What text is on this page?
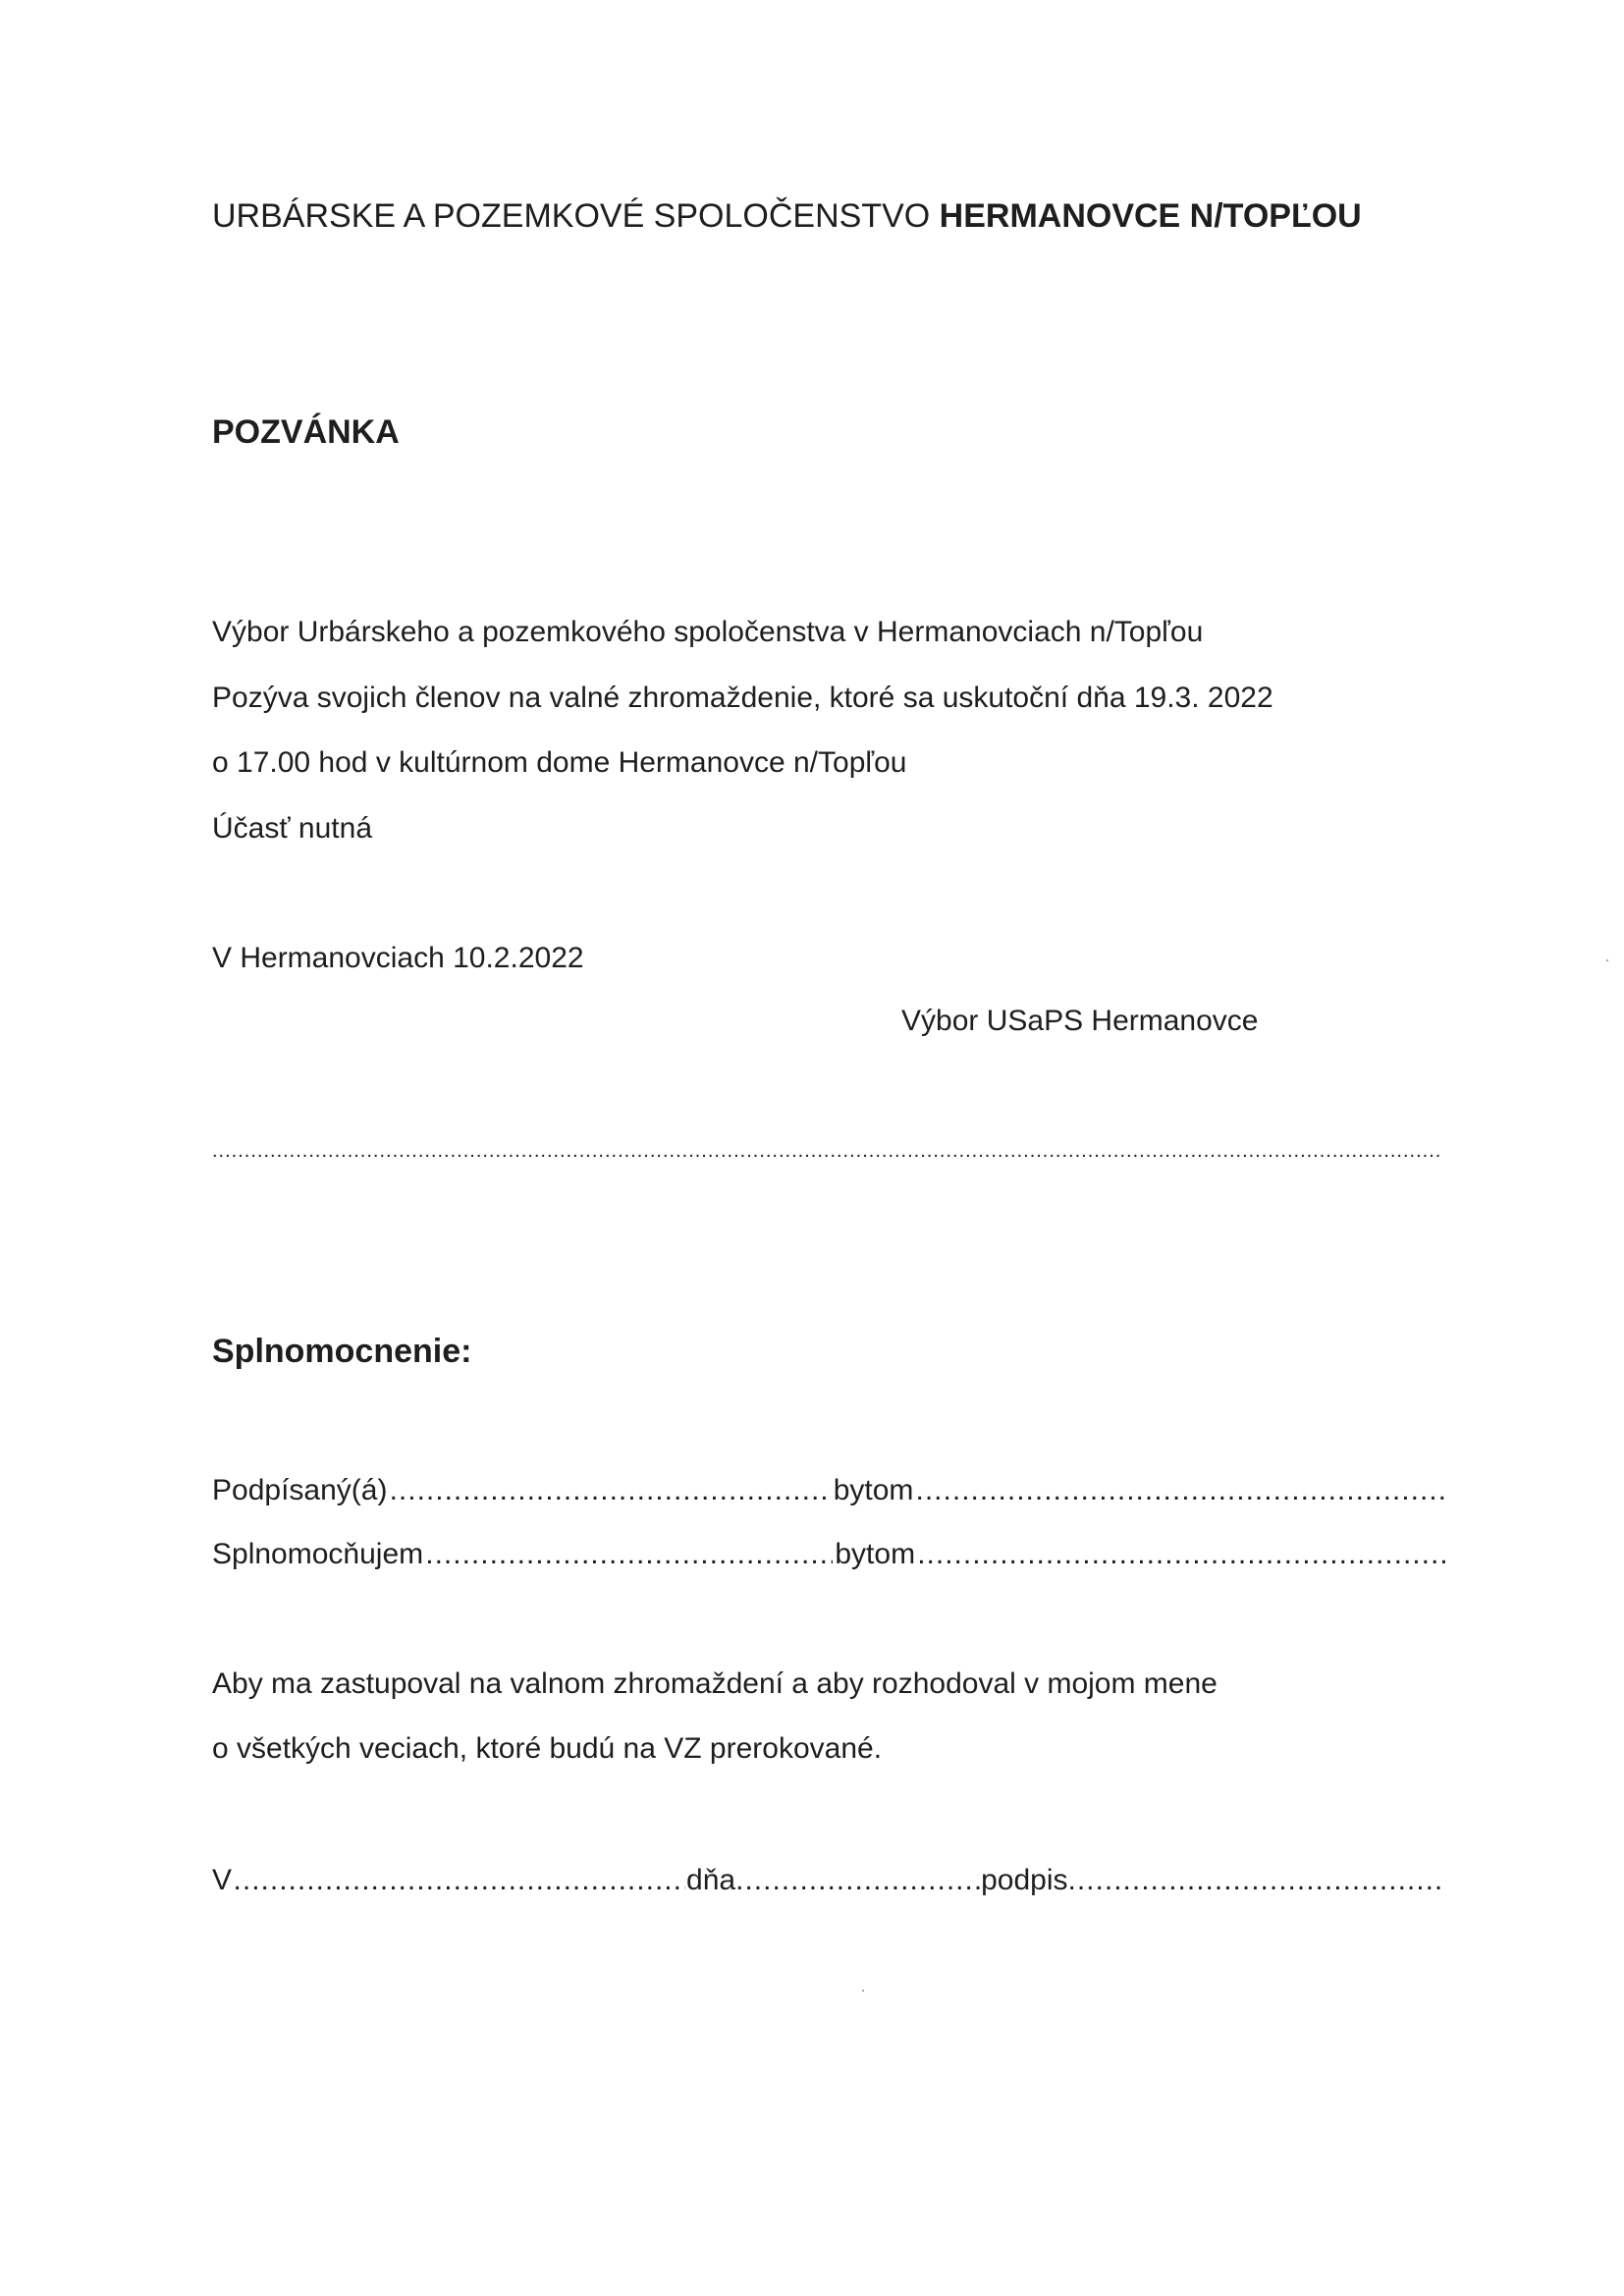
URBÁRSKE A POZEMKOVÉ SPOLOČENSTVO HERMANOVCE N/TOPĽOU
POZVÁNKA
Výbor Urbárskeho a pozemkového spoločenstva v Hermanovciach n/Topľou
Pozýva svojich členov na valné zhromaždenie, ktoré sa uskutoční dňa 19.3. 2022
o 17.00 hod v kultúrnom dome Hermanovce n/Topľou
Účasť nutná
V Hermanovciach 10.2.2022
Výbor USaPS Hermanovce
.....
Splnomocnenie:
Podpísaný(á) .....	bytom
.....
Splnomocňujem .....	bytom
.....
Aby ma zastupoval na valnom zhromaždení a aby rozhodoval v mojom mene
o všetkých veciach, ktoré budú na VZ prerokované.
V .....	dňa .....	podpis
.....
